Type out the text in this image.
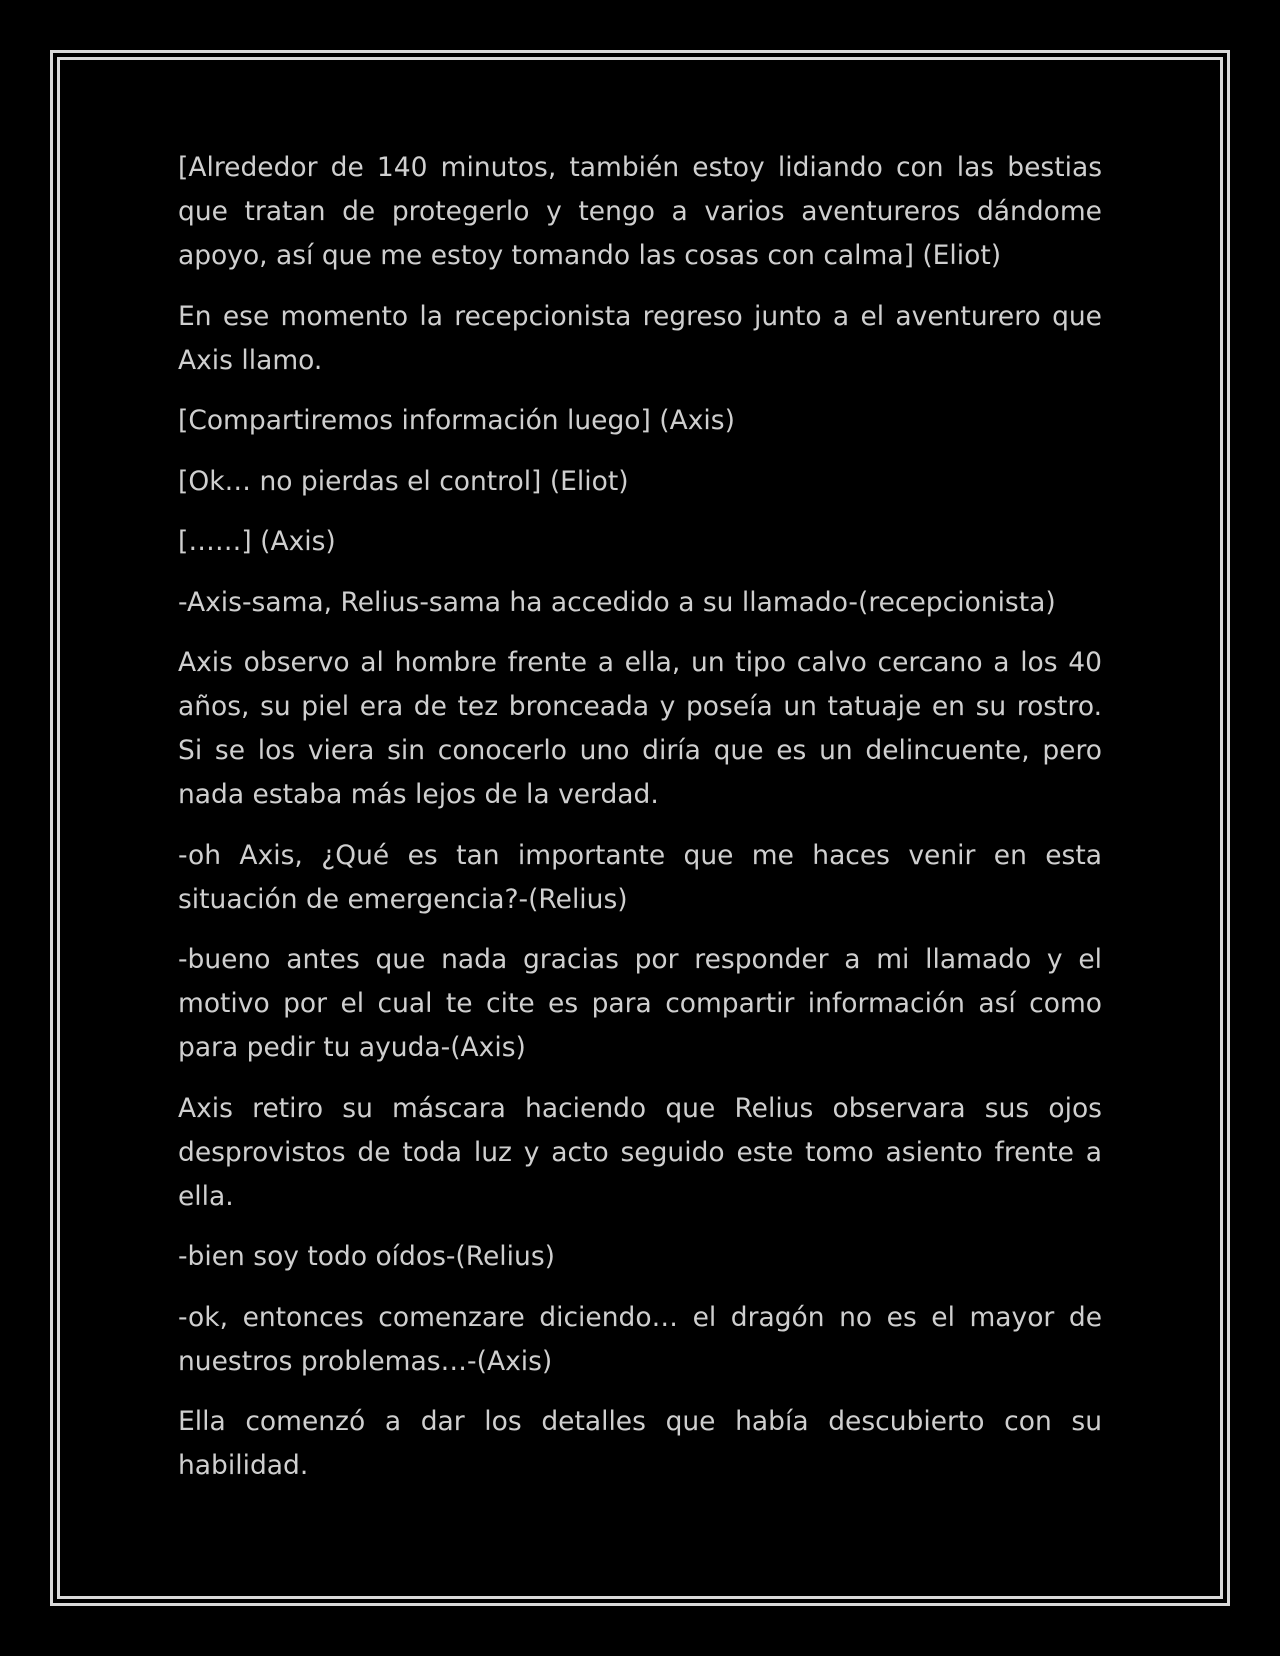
[Alrededor de 140 minutos, también estoy lidiando con las bestias que tratan de protegerlo y tengo a varios aventureros dándome apoyo, así que me estoy tomando las cosas con calma] (Eliot)

En ese momento la recepcionista regreso junto a el aventurero que Axis llamo.

[Compartiremos información luego] (Axis)

[Ok… no pierdas el control] (Eliot)

[……] (Axis)

-Axis-sama, Relius-sama ha accedido a su llamado-(recepcionista)

Axis observo al hombre frente a ella, un tipo calvo cercano a los 40 años, su piel era de tez bronceada y poseía un tatuaje en su rostro. Si se los viera sin conocerlo uno diría que es un delincuente, pero nada estaba más lejos de la verdad.

-oh Axis, ¿Qué es tan importante que me haces venir en esta situación de emergencia?-(Relius)

-bueno antes que nada gracias por responder a mi llamado y el motivo por el cual te cite es para compartir información así como para pedir tu ayuda-(Axis)

Axis retiro su máscara haciendo que Relius observara sus ojos desprovistos de toda luz y acto seguido este tomo asiento frente a ella.

-bien soy todo oídos-(Relius)

-ok, entonces comenzare diciendo… el dragón no es el mayor de nuestros problemas…-(Axis)

Ella comenzó a dar los detalles que había descubierto con su habilidad.
